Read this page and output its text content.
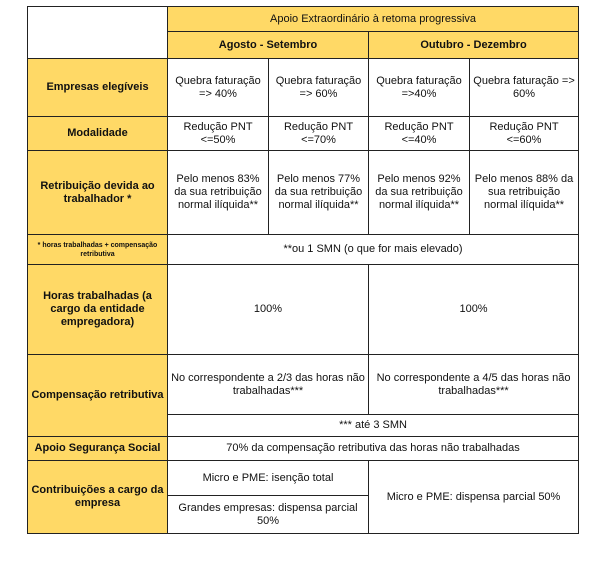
	Apoio Extraordinário à retoma progressiva			
	Agosto - Setembro		Outubro - Dezembro	
Empresas elegíveis	Quebra faturação => 40%	Quebra faturação => 60%	Quebra faturação =>40%	Quebra faturação => 60%
Modalidade	Redução PNT <=50%	Redução PNT <=70%	Redução PNT <=40%	Redução PNT <=60%
Retribuição devida ao trabalhador *	Pelo menos 83% da sua retribuição normal ilíquida**	Pelo menos 77% da sua retribuição normal ilíquida**	Pelo menos 92% da sua retribuição normal ilíquida**	Pelo menos 88% da sua retribuição normal ilíquida**
* horas trabalhadas + compensação retributiva	**ou 1 SMN (o que for mais elevado)			
Horas trabalhadas (a cargo da entidade empregadora)	100%		100%	
Compensação retributiva	No correspondente a 2/3 das horas não trabalhadas***		No correspondente a 4/5 das horas não trabalhadas***	
	*** até 3 SMN			
Apoio Segurança Social	70% da compensação retributiva das horas não trabalhadas			
Contribuições a cargo da empresa	Micro e PME: isenção total		Micro e PME: dispensa parcial 50%	
	Grandes empresas: dispensa parcial 50%			
